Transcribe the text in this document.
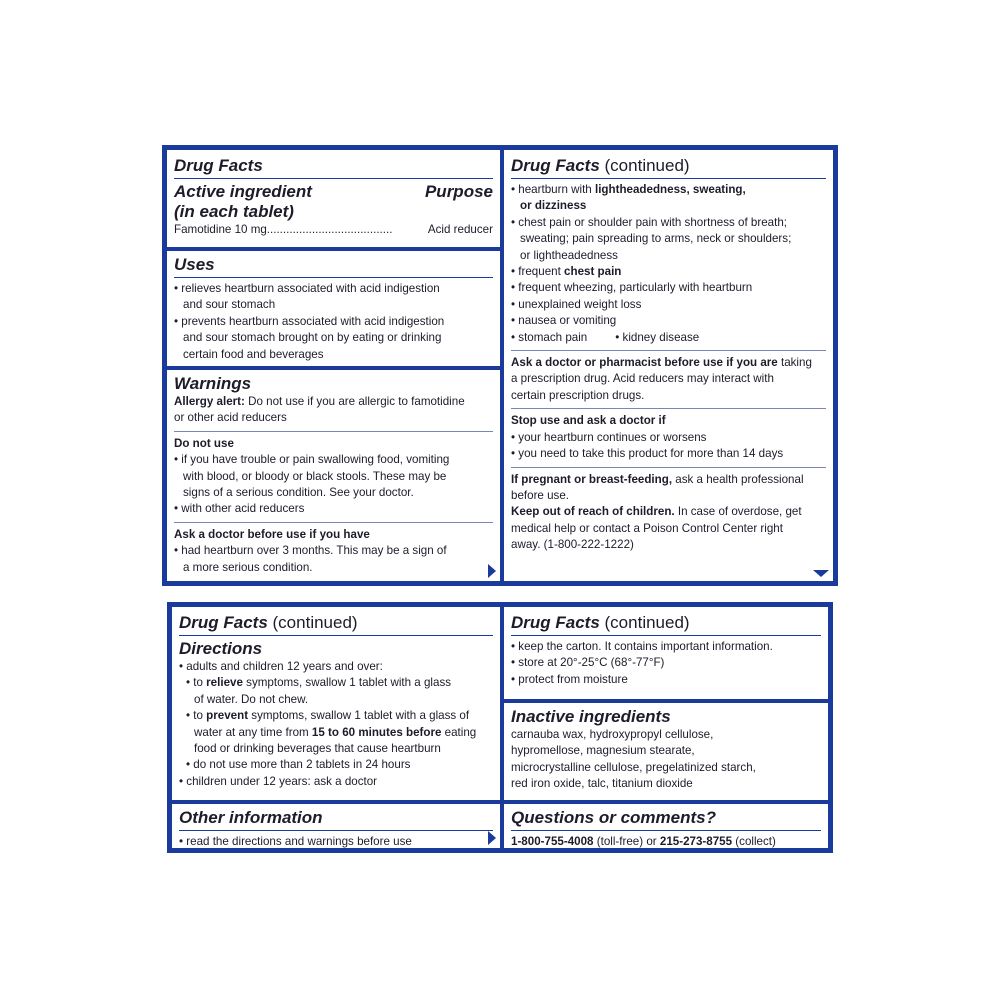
Drug Facts
Active ingredient	Purpose
(in each tablet)
Famotidine 10 mg.......................................	Acid reducer
Uses
• relieves heartburn associated with acid indigestion
and sour stomach
• prevents heartburn associated with acid indigestion
and sour stomach brought on by eating or drinking
certain food and beverages
Warnings
Allergy alert: Do not use if you are allergic to famotidine
or other acid reducers
Do not use
• if you have trouble or pain swallowing food, vomiting
with blood, or bloody or black stools. These may be
signs of a serious condition. See your doctor.
• with other acid reducers
Ask a doctor before use if you have
• had heartburn over 3 months. This may be a sign of
a more serious condition.
Drug Facts (continued)
• heartburn with lightheadedness, sweating,
or dizziness
• chest pain or shoulder pain with shortness of breath;
sweating; pain spreading to arms, neck or shoulders;
or lightheadedness
• frequent chest pain
• frequent wheezing, particularly with heartburn
• unexplained weight loss
• nausea or vomiting
• stomach pain • kidney disease
Ask a doctor or pharmacist before use if you are taking
a prescription drug. Acid reducers may interact with
certain prescription drugs.
Stop use and ask a doctor if
• your heartburn continues or worsens
• you need to take this product for more than 14 days
If pregnant or breast-feeding, ask a health professional
before use.
Keep out of reach of children. In case of overdose, get
medical help or contact a Poison Control Center right
away. (1-800-222-1222)
Drug Facts (continued)
Directions
• adults and children 12 years and over:
• to relieve symptoms, swallow 1 tablet with a glass
of water. Do not chew.
• to prevent symptoms, swallow 1 tablet with a glass of
water at any time from 15 to 60 minutes before eating
food or drinking beverages that cause heartburn
• do not use more than 2 tablets in 24 hours
• children under 12 years: ask a doctor
Other information
• read the directions and warnings before use
Drug Facts (continued)
• keep the carton. It contains important information.
• store at 20°-25°C (68°-77°F)
• protect from moisture
Inactive ingredients
carnauba wax, hydroxypropyl cellulose,
hypromellose, magnesium stearate,
microcrystalline cellulose, pregelatinized starch,
red iron oxide, talc, titanium dioxide
Questions or comments?
1-800-755-4008 (toll-free) or 215-273-8755 (collect)
